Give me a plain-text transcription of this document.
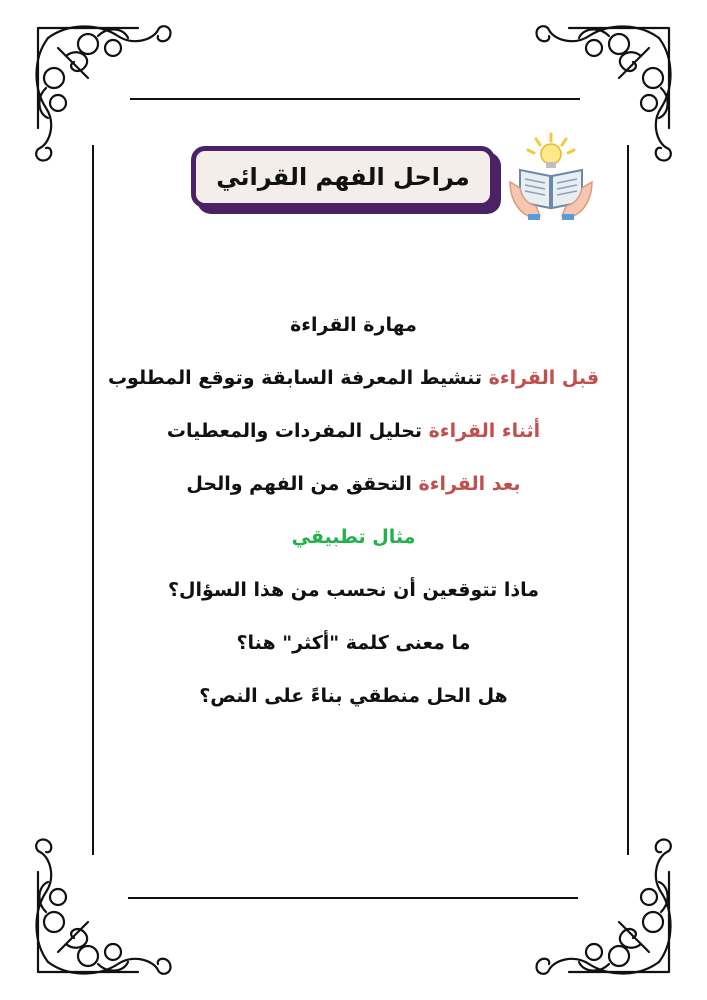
مراحل الفهم القرائي
مهارة القراءة
قبل القراءة تنشيط المعرفة السابقة وتوقع المطلوب
أثناء القراءة تحليل المفردات والمعطيات
بعد القراءة التحقق من الفهم والحل
مثال تطبيقي
ماذا تتوقعين أن نحسب من هذا السؤال؟
ما معنى كلمة "أكثر" هنا؟
هل الحل منطقي بناءً على النص؟
